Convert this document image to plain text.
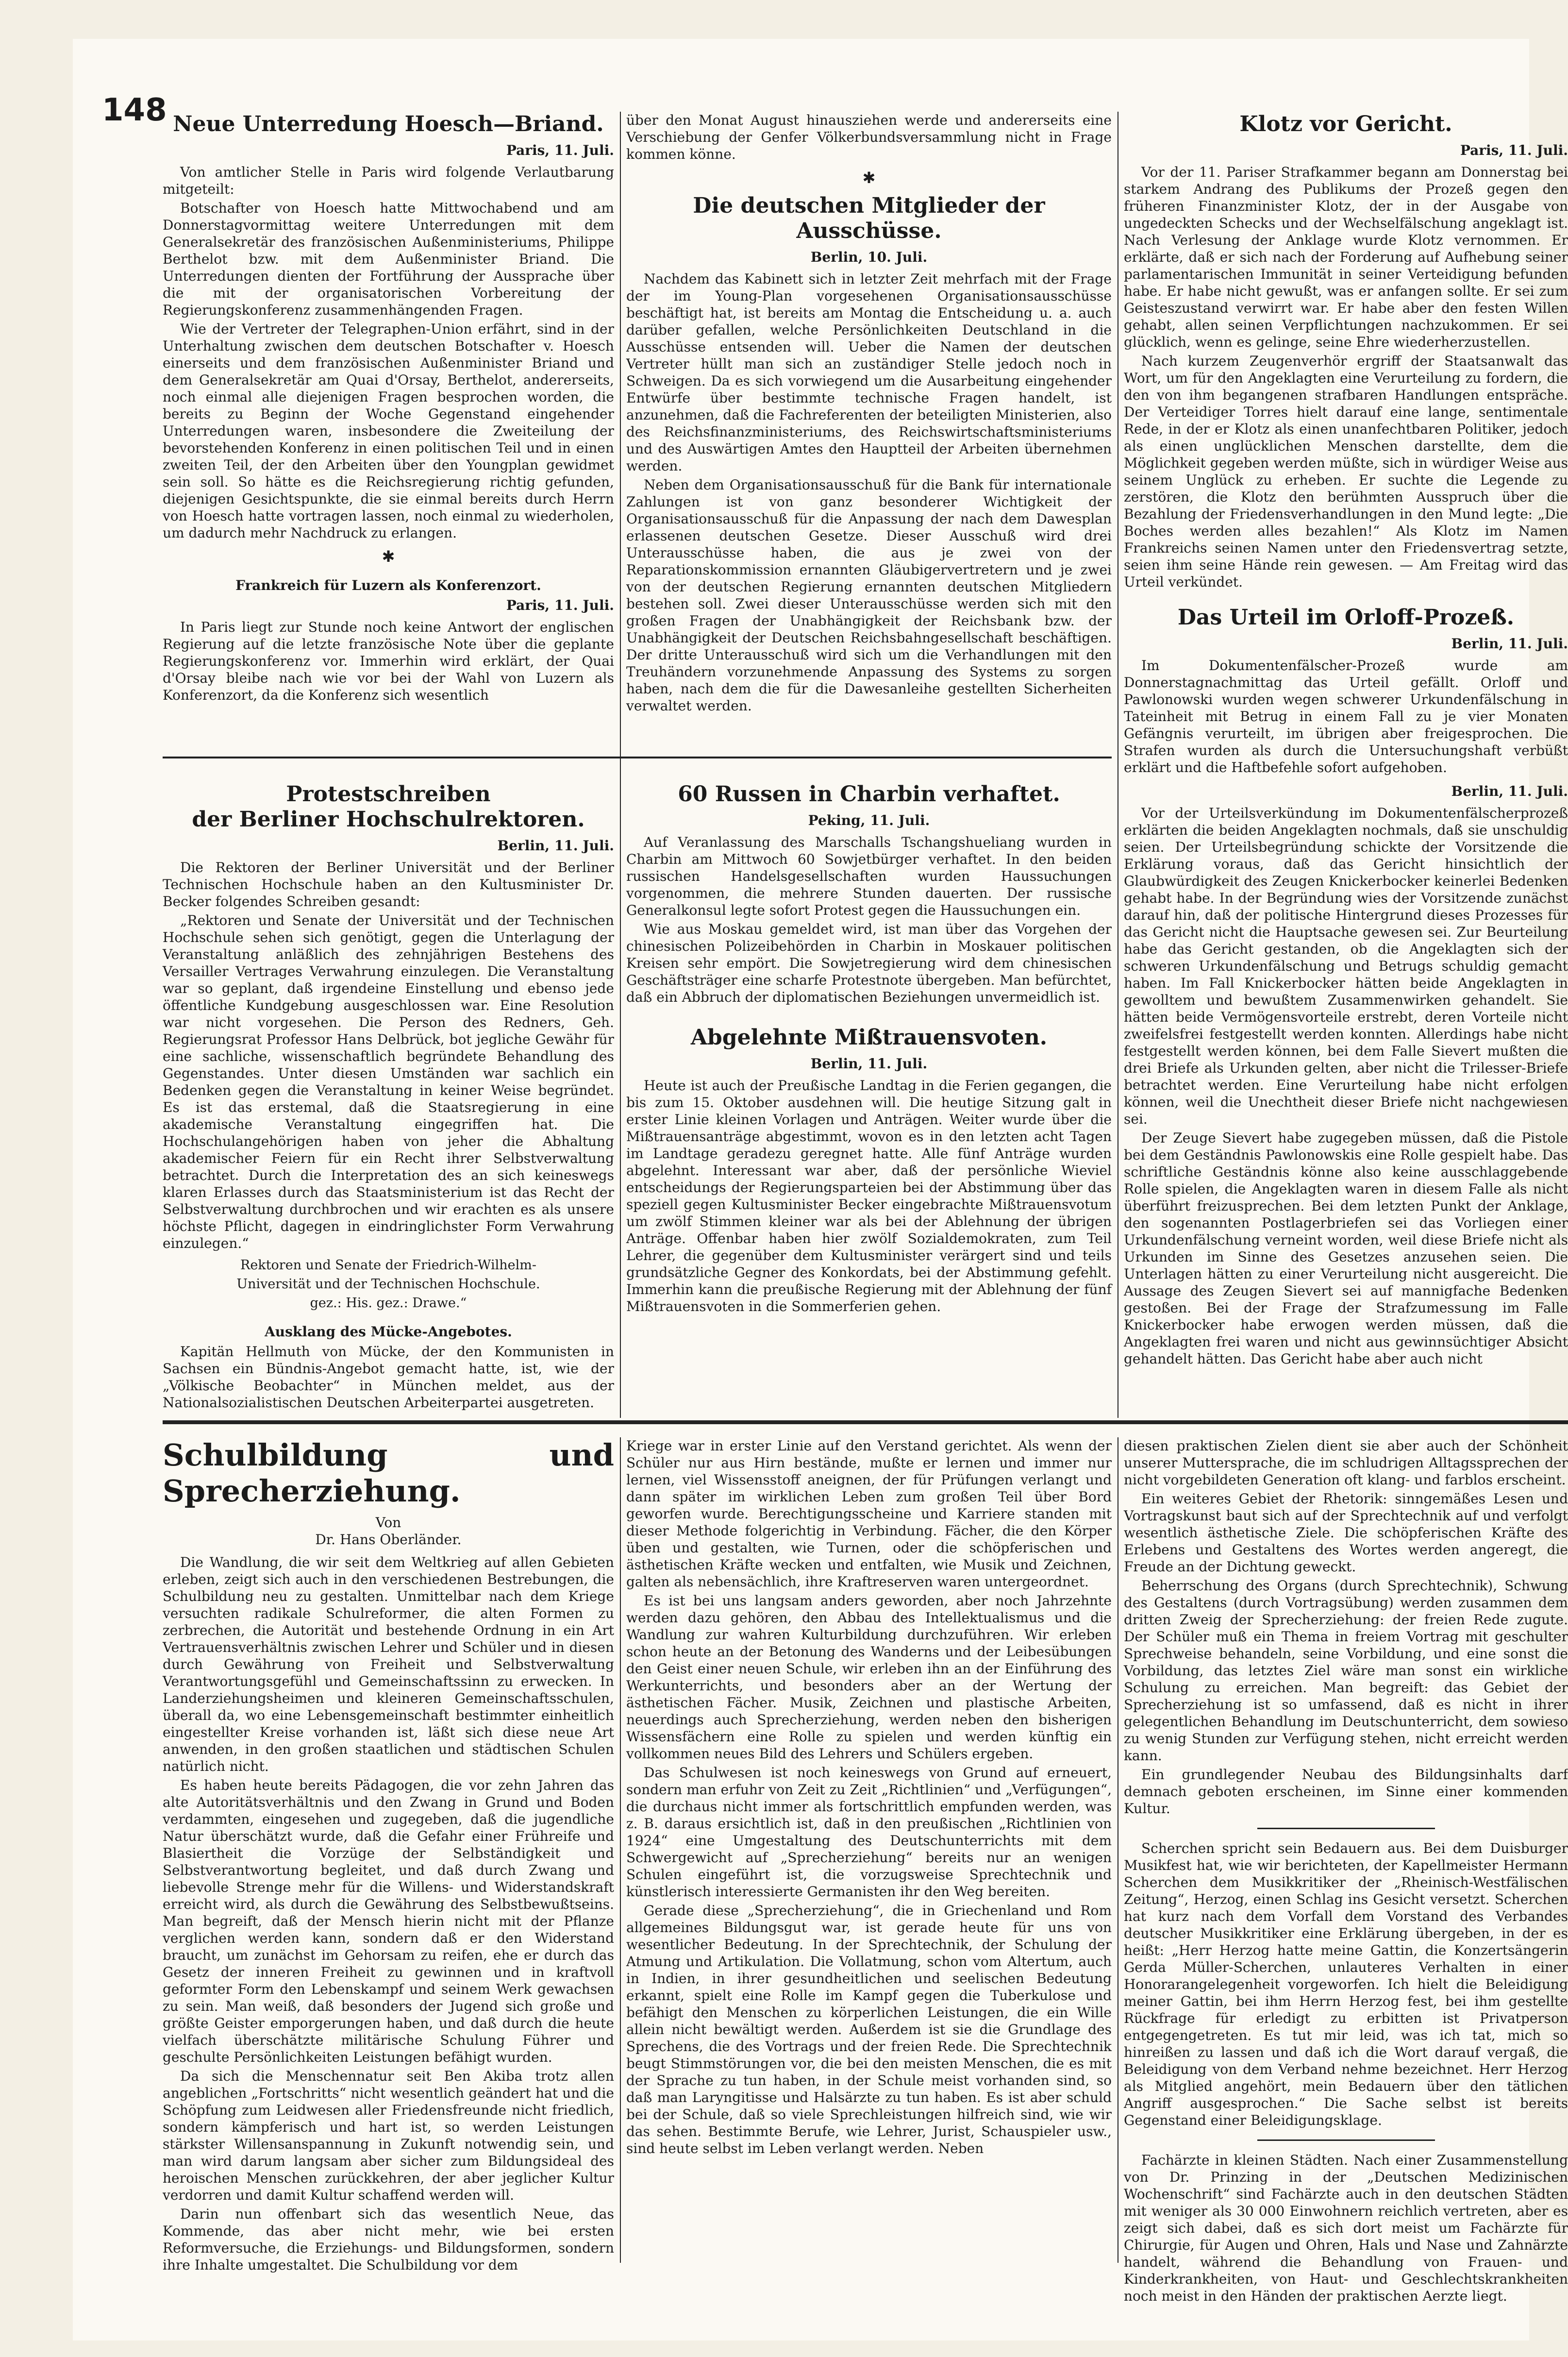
148 Neue Unterredung Hoesch—Briand.
Paris, 11. Juli.

Von amtlicher Stelle in Paris wird folgende Verlautbarung mitgeteilt:

Botschafter von Hoesch hatte Mittwochabend und am Donnerstagvormittag weitere Unterredungen mit dem Generalsekretär des französischen Außenministeriums, Philippe Berthelot bzw. mit dem Außenminister Briand. Die Unterredungen dienten der Fortführung der Aussprache über die mit der organisatorischen Vorbereitung der Regierungskonferenz zusammenhängenden Fragen.

Wie der Vertreter der Telegraphen-Union erfährt, sind in der Unterhaltung zwischen dem deutschen Botschafter v. Hoesch einerseits und dem französischen Außenminister Briand und dem Generalsekretär am Quai d'Orsay, Berthelot, andererseits, noch einmal alle diejenigen Fragen besprochen worden, die bereits zu Beginn der Woche Gegenstand eingehender Unterredungen waren, insbesondere die Zweiteilung der bevorstehenden Konferenz in einen politischen Teil und in einen zweiten Teil, der den Arbeiten über den Youngplan gewidmet sein soll. So hätte es die Reichsregierung richtig gefunden, diejenigen Gesichtspunkte, die sie einmal bereits durch Herrn von Hoesch hatte vortragen lassen, noch einmal zu wiederholen, um dadurch mehr Nachdruck zu erlangen.

✱
Frankreich für Luzern als Konferenzort.
Paris, 11. Juli.

In Paris liegt zur Stunde noch keine Antwort der englischen Regierung auf die letzte französische Note über die geplante Regierungskonferenz vor. Immerhin wird erklärt, der Quai d'Orsay bleibe nach wie vor bei der Wahl von Luzern als Konferenzort, da die Konferenz sich wesentlich

über den Monat August hinausziehen werde und andererseits eine Verschiebung der Genfer Völkerbundsversammlung nicht in Frage kommen könne.

✱
Die deutschen Mitglieder der Ausschüsse.
Berlin, 10. Juli.

Nachdem das Kabinett sich in letzter Zeit mehrfach mit der Frage der im Young-Plan vorgesehenen Organisationsausschüsse beschäftigt hat, ist bereits am Montag die Entscheidung u. a. auch darüber gefallen, welche Persönlichkeiten Deutschland in die Ausschüsse entsenden will. Ueber die Namen der deutschen Vertreter hüllt man sich an zuständiger Stelle jedoch noch in Schweigen. Da es sich vorwiegend um die Ausarbeitung eingehender Entwürfe über bestimmte technische Fragen handelt, ist anzunehmen, daß die Fachreferenten der beteiligten Ministerien, also des Reichsfinanzministeriums, des Reichswirtschaftsministeriums und des Auswärtigen Amtes den Hauptteil der Arbeiten übernehmen werden.

Neben dem Organisationsausschuß für die Bank für internationale Zahlungen ist von ganz besonderer Wichtigkeit der Organisationsausschuß für die Anpassung der nach dem Dawesplan erlassenen deutschen Gesetze. Dieser Ausschuß wird drei Unterausschüsse haben, die aus je zwei von der Reparationskommission ernannten Gläubigervertretern und je zwei von der deutschen Regierung ernannten deutschen Mitgliedern bestehen soll. Zwei dieser Unterausschüsse werden sich mit den großen Fragen der Unabhängigkeit der Reichsbank bzw. der Unabhängigkeit der Deutschen Reichsbahngesellschaft beschäftigen. Der dritte Unterausschuß wird sich um die Verhandlungen mit den Treuhändern vorzunehmende Anpassung des Systems zu sorgen haben, nach dem die für die Dawesanleihe gestellten Sicherheiten verwaltet werden.

Klotz vor Gericht.
Paris, 11. Juli.

Vor der 11. Pariser Strafkammer begann am Donnerstag bei starkem Andrang des Publikums der Prozeß gegen den früheren Finanzminister Klotz, der in der Ausgabe von ungedeckten Schecks und der Wechselfälschung angeklagt ist. Nach Verlesung der Anklage wurde Klotz vernommen. Er erklärte, daß er sich nach der Forderung auf Aufhebung seiner parlamentarischen Immunität in seiner Verteidigung befunden habe. Er habe nicht gewußt, was er anfangen sollte. Er sei zum Geisteszustand verwirrt war. Er habe aber den festen Willen gehabt, allen seinen Verpflichtungen nachzukommen. Er sei glücklich, wenn es gelinge, seine Ehre wiederherzustellen.

Nach kurzem Zeugenverhör ergriff der Staatsanwalt das Wort, um für den Angeklagten eine Verurteilung zu fordern, die den von ihm begangenen strafbaren Handlungen entspräche. Der Verteidiger Torres hielt darauf eine lange, sentimentale Rede, in der er Klotz als einen unanfechtbaren Politiker, jedoch als einen unglücklichen Menschen darstellte, dem die Möglichkeit gegeben werden müßte, sich in würdiger Weise aus seinem Unglück zu erheben. Er suchte die Legende zu zerstören, die Klotz den berühmten Ausspruch über die Bezahlung der Friedensverhandlungen in den Mund legte: „Die Boches werden alles bezahlen!“ Als Klotz im Namen Frankreichs seinen Namen unter den Friedensvertrag setzte, seien ihm seine Hände rein gewesen. — Am Freitag wird das Urteil verkündet.

Das Urteil im Orloff-Prozeß.
Berlin, 11. Juli.

Im Dokumentenfälscher-Prozeß wurde am Donnerstagnachmittag das Urteil gefällt. Orloff und Pawlonowski wurden wegen schwerer Urkundenfälschung in Tateinheit mit Betrug in einem Fall zu je vier Monaten Gefängnis verurteilt, im übrigen aber freigesprochen. Die Strafen wurden als durch die Untersuchungshaft verbüßt erklärt und die Haftbefehle sofort aufgehoben.

Berlin, 11. Juli.

Vor der Urteilsverkündung im Dokumentenfälscherprozeß erklärten die beiden Angeklagten nochmals, daß sie unschuldig seien. Der Urteilsbegründung schickte der Vorsitzende die Erklärung voraus, daß das Gericht hinsichtlich der Glaubwürdigkeit des Zeugen Knickerbocker keinerlei Bedenken gehabt habe. In der Begründung wies der Vorsitzende zunächst darauf hin, daß der politische Hintergrund dieses Prozesses für das Gericht nicht die Hauptsache gewesen sei. Zur Beurteilung habe das Gericht gestanden, ob die Angeklagten sich der schweren Urkundenfälschung und Betrugs schuldig gemacht haben. Im Fall Knickerbocker hätten beide Angeklagten in gewolltem und bewußtem Zusammenwirken gehandelt. Sie hätten beide Vermögensvorteile erstrebt, deren Vorteile nicht zweifelsfrei festgestellt werden konnten. Allerdings habe nicht festgestellt werden können, bei dem Falle Sievert mußten die drei Briefe als Urkunden gelten, aber nicht die Trilesser-Briefe betrachtet werden. Eine Verurteilung habe nicht erfolgen können, weil die Unechtheit dieser Briefe nicht nachgewiesen sei.

Der Zeuge Sievert habe zugegeben müssen, daß die Pistole bei dem Geständnis Pawlonowskis eine Rolle gespielt habe. Das schriftliche Geständnis könne also keine ausschlaggebende Rolle spielen, die Angeklagten waren in diesem Falle als nicht überführt freizusprechen. Bei dem letzten Punkt der Anklage, den sogenannten Postlagerbriefen sei das Vorliegen einer Urkundenfälschung verneint worden, weil diese Briefe nicht als Urkunden im Sinne des Gesetzes anzusehen seien. Die Unterlagen hätten zu einer Verurteilung nicht ausgereicht. Die Aussage des Zeugen Sievert sei auf mannigfache Bedenken gestoßen. Bei der Frage der Strafzumessung im Falle Knickerbocker habe erwogen werden müssen, daß die Angeklagten frei waren und nicht aus gewinnsüchtiger Absicht gehandelt hätten. Das Gericht habe aber auch nicht

Protestschreiben
der Berliner Hochschulrektoren.
Berlin, 11. Juli.

Die Rektoren der Berliner Universität und der Berliner Technischen Hochschule haben an den Kultusminister Dr. Becker folgendes Schreiben gesandt:

„Rektoren und Senate der Universität und der Technischen Hochschule sehen sich genötigt, gegen die Unterlagung der Veranstaltung anläßlich des zehnjährigen Bestehens des Versailler Vertrages Verwahrung einzulegen. Die Veranstaltung war so geplant, daß irgendeine Einstellung und ebenso jede öffentliche Kundgebung ausgeschlossen war. Eine Resolution war nicht vorgesehen. Die Person des Redners, Geh. Regierungsrat Professor Hans Delbrück, bot jegliche Gewähr für eine sachliche, wissenschaftlich begründete Behandlung des Gegenstandes. Unter diesen Umständen war sachlich ein Bedenken gegen die Veranstaltung in keiner Weise begründet. Es ist das erstemal, daß die Staatsregierung in eine akademische Veranstaltung eingegriffen hat. Die Hochschulangehörigen haben von jeher die Abhaltung akademischer Feiern für ein Recht ihrer Selbstverwaltung betrachtet. Durch die Interpretation des an sich keineswegs klaren Erlasses durch das Staatsministerium ist das Recht der Selbstverwaltung durchbrochen und wir erachten es als unsere höchste Pflicht, dagegen in eindringlichster Form Verwahrung einzulegen.“

Rektoren und Senate der Friedrich-Wilhelm-

Universität und der Technischen Hochschule.

gez.: His. gez.: Drawe.“

Ausklang des Mücke-Angebotes.

Kapitän Hellmuth von Mücke, der den Kommunisten in Sachsen ein Bündnis-Angebot gemacht hatte, ist, wie der „Völkische Beobachter“ in München meldet, aus der Nationalsozialistischen Deutschen Arbeiterpartei ausgetreten.

60 Russen in Charbin verhaftet.
Peking, 11. Juli.

Auf Veranlassung des Marschalls Tschangshueliang wurden in Charbin am Mittwoch 60 Sowjetbürger verhaftet. In den beiden russischen Handelsgesellschaften wurden Haussuchungen vorgenommen, die mehrere Stunden dauerten. Der russische Generalkonsul legte sofort Protest gegen die Haussuchungen ein.

Wie aus Moskau gemeldet wird, ist man über das Vorgehen der chinesischen Polizeibehörden in Charbin in Moskauer politischen Kreisen sehr empört. Die Sowjetregierung wird dem chinesischen Geschäftsträger eine scharfe Protestnote übergeben. Man befürchtet, daß ein Abbruch der diplomatischen Beziehungen unvermeidlich ist.

Abgelehnte Mißtrauensvoten.
Berlin, 11. Juli.

Heute ist auch der Preußische Landtag in die Ferien gegangen, die bis zum 15. Oktober ausdehnen will. Die heutige Sitzung galt in erster Linie kleinen Vorlagen und Anträgen. Weiter wurde über die Mißtrauensanträge abgestimmt, wovon es in den letzten acht Tagen im Landtage geradezu geregnet hatte. Alle fünf Anträge wurden abgelehnt. Interessant war aber, daß der persönliche Wieviel entscheidungs der Regierungsparteien bei der Abstimmung über das speziell gegen Kultusminister Becker eingebrachte Mißtrauensvotum um zwölf Stimmen kleiner war als bei der Ablehnung der übrigen Anträge. Offenbar haben hier zwölf Sozialdemokraten, zum Teil Lehrer, die gegenüber dem Kultusminister verärgert sind und teils grundsätzliche Gegner des Konkordats, bei der Abstimmung gefehlt. Immerhin kann die preußische Regierung mit der Ablehnung der fünf Mißtrauensvoten in die Sommerferien gehen.

Schulbildung und Sprecherziehung.
Von
Dr. Hans Oberländer.

Die Wandlung, die wir seit dem Weltkrieg auf allen Gebieten erleben, zeigt sich auch in den verschiedenen Bestrebungen, die Schulbildung neu zu gestalten. Unmittelbar nach dem Kriege versuchten radikale Schulreformer, die alten Formen zu zerbrechen, die Autorität und bestehende Ordnung in ein Art Vertrauensverhältnis zwischen Lehrer und Schüler und in diesen durch Gewährung von Freiheit und Selbstverwaltung Verantwortungsgefühl und Gemeinschaftssinn zu erwecken. In Landerziehungsheimen und kleineren Gemeinschaftsschulen, überall da, wo eine Lebensgemeinschaft bestimmter einheitlich eingestellter Kreise vorhanden ist, läßt sich diese neue Art anwenden, in den großen staatlichen und städtischen Schulen natürlich nicht.

Es haben heute bereits Pädagogen, die vor zehn Jahren das alte Autoritätsverhältnis und den Zwang in Grund und Boden verdammten, eingesehen und zugegeben, daß die jugendliche Natur überschätzt wurde, daß die Gefahr einer Frühreife und Blasiertheit die Vorzüge der Selbständigkeit und Selbstverantwortung begleitet, und daß durch Zwang und liebevolle Strenge mehr für die Willens- und Widerstandskraft erreicht wird, als durch die Gewährung des Selbstbewußtseins. Man begreift, daß der Mensch hierin nicht mit der Pflanze verglichen werden kann, sondern daß er den Widerstand braucht, um zunächst im Gehorsam zu reifen, ehe er durch das Gesetz der inneren Freiheit zu gewinnen und in kraftvoll geformter Form den Lebenskampf und seinem Werk gewachsen zu sein. Man weiß, daß besonders der Jugend sich große und größte Geister emporgerungen haben, und daß durch die heute vielfach überschätzte militärische Schulung Führer und geschulte Persönlichkeiten Leistungen befähigt wurden.

Da sich die Menschennatur seit Ben Akiba trotz allen angeblichen „Fortschritts“ nicht wesentlich geändert hat und die Schöpfung zum Leidwesen aller Friedensfreunde nicht friedlich, sondern kämpferisch und hart ist, so werden Leistungen stärkster Willensanspannung in Zukunft notwendig sein, und man wird darum langsam aber sicher zum Bildungsideal des heroischen Menschen zurückkehren, der aber jeglicher Kultur verdorren und damit Kultur schaffend werden will.

Darin nun offenbart sich das wesentlich Neue, das Kommende, das aber nicht mehr, wie bei ersten Reformversuche, die Erziehungs- und Bildungsformen, sondern ihre Inhalte umgestaltet. Die Schulbildung vor dem

Kriege war in erster Linie auf den Verstand gerichtet. Als wenn der Schüler nur aus Hirn bestände, mußte er lernen und immer nur lernen, viel Wissensstoff aneignen, der für Prüfungen verlangt und dann später im wirklichen Leben zum großen Teil über Bord geworfen wurde. Berechtigungsscheine und Karriere standen mit dieser Methode folgerichtig in Verbindung. Fächer, die den Körper üben und gestalten, wie Turnen, oder die schöpferischen und ästhetischen Kräfte wecken und entfalten, wie Musik und Zeichnen, galten als nebensächlich, ihre Kraftreserven waren untergeordnet.

Es ist bei uns langsam anders geworden, aber noch Jahrzehnte werden dazu gehören, den Abbau des Intellektualismus und die Wandlung zur wahren Kulturbildung durchzuführen. Wir erleben schon heute an der Betonung des Wanderns und der Leibesübungen den Geist einer neuen Schule, wir erleben ihn an der Einführung des Werkunterrichts, und besonders aber an der Wertung der ästhetischen Fächer. Musik, Zeichnen und plastische Arbeiten, neuerdings auch Sprecherziehung, werden neben den bisherigen Wissensfächern eine Rolle zu spielen und werden künftig ein vollkommen neues Bild des Lehrers und Schülers ergeben.

Das Schulwesen ist noch keineswegs von Grund auf erneuert, sondern man erfuhr von Zeit zu Zeit „Richtlinien“ und „Verfügungen“, die durchaus nicht immer als fortschrittlich empfunden werden, was z. B. daraus ersichtlich ist, daß in den preußischen „Richtlinien von 1924“ eine Umgestaltung des Deutschunterrichts mit dem Schwergewicht auf „Sprecherziehung“ bereits nur an wenigen Schulen eingeführt ist, die vorzugsweise Sprechtechnik und künstlerisch interessierte Germanisten ihr den Weg bereiten.

Gerade diese „Sprecherziehung“, die in Griechenland und Rom allgemeines Bildungsgut war, ist gerade heute für uns von wesentlicher Bedeutung. In der Sprechtechnik, der Schulung der Atmung und Artikulation. Die Vollatmung, schon vom Altertum, auch in Indien, in ihrer gesundheitlichen und seelischen Bedeutung erkannt, spielt eine Rolle im Kampf gegen die Tuberkulose und befähigt den Menschen zu körperlichen Leistungen, die ein Wille allein nicht bewältigt werden. Außerdem ist sie die Grundlage des Sprechens, die des Vortrags und der freien Rede. Die Sprechtechnik beugt Stimmstörungen vor, die bei den meisten Menschen, die es mit der Sprache zu tun haben, in der Schule meist vorhanden sind, so daß man Laryngitisse und Halsärzte zu tun haben. Es ist aber schuld bei der Schule, daß so viele Sprechleistungen hilfreich sind, wie wir das sehen. Bestimmte Berufe, wie Lehrer, Jurist, Schauspieler usw., sind heute selbst im Leben verlangt werden. Neben

diesen praktischen Zielen dient sie aber auch der Schönheit unserer Muttersprache, die im schludrigen Alltagssprechen der nicht vorgebildeten Generation oft klang- und farblos erscheint.

Ein weiteres Gebiet der Rhetorik: sinngemäßes Lesen und Vortragskunst baut sich auf der Sprechtechnik auf und verfolgt wesentlich ästhetische Ziele. Die schöpferischen Kräfte des Erlebens und Gestaltens des Wortes werden angeregt, die Freude an der Dichtung geweckt.

Beherrschung des Organs (durch Sprechtechnik), Schwung des Gestaltens (durch Vortragsübung) werden zusammen dem dritten Zweig der Sprecherziehung: der freien Rede zugute. Der Schüler muß ein Thema in freiem Vortrag mit geschulter Sprechweise behandeln, seine Vorbildung, und eine sonst die Vorbildung, das letztes Ziel wäre man sonst ein wirkliche Schulung zu erreichen. Man begreift: das Gebiet der Sprecherziehung ist so umfassend, daß es nicht in ihrer gelegentlichen Behandlung im Deutschunterricht, dem sowieso zu wenig Stunden zur Verfügung stehen, nicht erreicht werden kann.

Ein grundlegender Neubau des Bildungsinhalts darf demnach geboten erscheinen, im Sinne einer kommenden Kultur.

Scherchen spricht sein Bedauern aus. Bei dem Duisburger Musikfest hat, wie wir berichteten, der Kapellmeister Hermann Scherchen dem Musikkritiker der „Rheinisch-Westfälischen Zeitung“, Herzog, einen Schlag ins Gesicht versetzt. Scherchen hat kurz nach dem Vorfall dem Vorstand des Verbandes deutscher Musikkritiker eine Erklärung übergeben, in der es heißt: „Herr Herzog hatte meine Gattin, die Konzertsängerin Gerda Müller-Scherchen, unlauteres Verhalten in einer Honorarangelegenheit vorgeworfen. Ich hielt die Beleidigung meiner Gattin, bei ihm Herrn Herzog fest, bei ihm gestellte Rückfrage für erledigt zu erbitten ist Privatperson entgegengetreten. Es tut mir leid, was ich tat, mich so hinreißen zu lassen und daß ich die Wort darauf vergaß, die Beleidigung von dem Verband nehme bezeichnet. Herr Herzog als Mitglied angehört, mein Bedauern über den tätlichen Angriff ausgesprochen.“ Die Sache selbst ist bereits Gegenstand einer Beleidigungsklage.

Fachärzte in kleinen Städten. Nach einer Zusammenstellung von Dr. Prinzing in der „Deutschen Medizinischen Wochenschrift“ sind Fachärzte auch in den deutschen Städten mit weniger als 30 000 Einwohnern reichlich vertreten, aber es zeigt sich dabei, daß es sich dort meist um Fachärzte für Chirurgie, für Augen und Ohren, Hals und Nase und Zahnärzte handelt, während die Behandlung von Frauen- und Kinderkrankheiten, von Haut- und Geschlechtskrankheiten noch meist in den Händen der praktischen Aerzte liegt.
